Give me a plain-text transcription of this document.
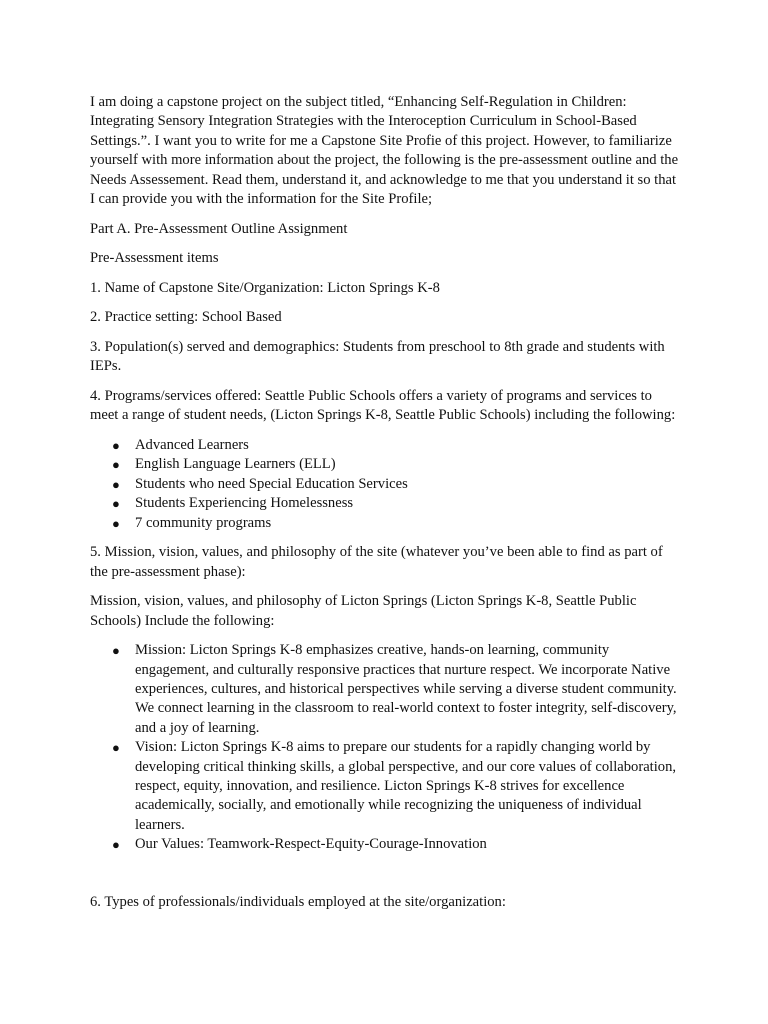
I am doing a capstone project on the subject titled, “Enhancing Self-Regulation in Children: Integrating Sensory Integration Strategies with the Interoception Curriculum in School-Based Settings.”. I want you to write for me a Capstone Site Profie of this project. However, to familiarize yourself with more information about the project, the following is the pre-assessment outline and the Needs Assessement. Read them, understand it, and acknowledge to me that you understand it so that I can provide you with the information for the Site Profile;

Part A. Pre-Assessment Outline Assignment

Pre-Assessment items

1. Name of Capstone Site/Organization: Licton Springs K-8

2. Practice setting: School Based

3. Population(s) served and demographics: Students from preschool to 8th grade and students with IEPs.

4. Programs/services offered: Seattle Public Schools offers a variety of programs and services to meet a range of student needs, (Licton Springs K-8, Seattle Public Schools) including the following:

● Advanced Learners
● English Language Learners (ELL)
● Students who need Special Education Services
● Students Experiencing Homelessness
● 7 community programs

5. Mission, vision, values, and philosophy of the site (whatever you’ve been able to find as part of the pre-assessment phase):

Mission, vision, values, and philosophy of Licton Springs (Licton Springs K-8, Seattle Public Schools) Include the following:

● Mission: Licton Springs K-8 emphasizes creative, hands-on learning, community engagement, and culturally responsive practices that nurture respect. We incorporate Native experiences, cultures, and historical perspectives while serving a diverse student community. We connect learning in the classroom to real-world context to foster integrity, self-discovery, and a joy of learning.
● Vision: Licton Springs K-8 aims to prepare our students for a rapidly changing world by developing critical thinking skills, a global perspective, and our core values of collaboration, respect, equity, innovation, and resilience. Licton Springs K-8 strives for excellence academically, socially, and emotionally while recognizing the uniqueness of individual learners.
● Our Values: Teamwork-Respect-Equity-Courage-Innovation

6. Types of professionals/individuals employed at the site/organization:
